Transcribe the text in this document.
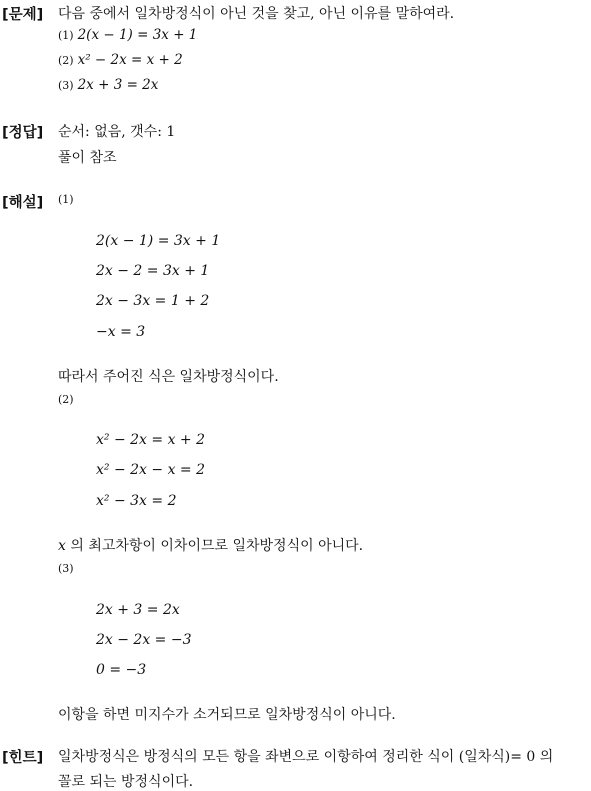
[문제] 다음 중에서 일차방정식이 아닌 것을 찾고, 아닌 이유를 말하여라.
(1) 2(x − 1) = 3x + 1
(2) x² − 2x = x + 2
(3) 2x + 3 = 2x
[정답] 순서: 없음, 갯수: 1
풀이 참조
[해설] (1)
2(x − 1) = 3x + 1
2x − 2 = 3x + 1
2x − 3x = 1 + 2
−x = 3
따라서 주어진 식은 일차방정식이다.
(2)
x² − 2x = x + 2
x² − 2x − x = 2
x² − 3x = 2
x 의 최고차항이 이차이므로 일차방정식이 아니다.
(3)
2x + 3 = 2x
2x − 2x = −3
0 = −3
이항을 하면 미지수가 소거되므로 일차방정식이 아니다.
[힌트] 일차방정식은 방정식의 모든 항을 좌변으로 이항하여 정리한 식이 (일차식)= 0 의
꼴로 되는 방정식이다.
